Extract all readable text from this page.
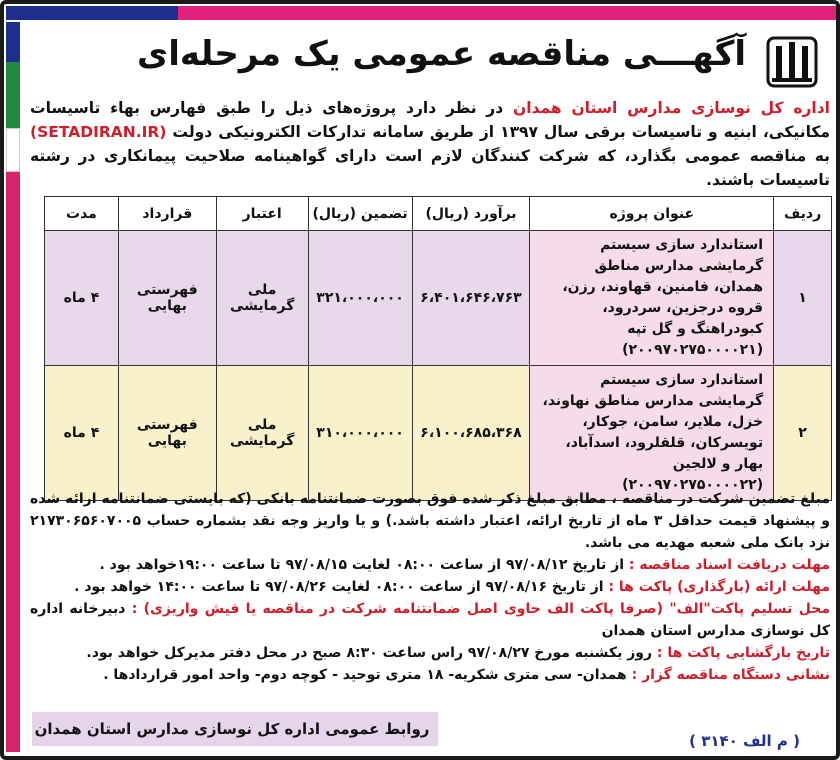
آگهـــی مناقصه عمومی یک مرحله‌ای
اداره کل نوسازی مدارس استان همدان در نظر دارد پروژه‌های ذیل را طبق فهارس بهاء تاسیسات مکانیکی، ابنیه و تاسیسات برقی سال ۱۳۹۷ از طریق سامانه تدارکات الکترونیکی دولت (SETADIRAN.IR) به مناقصه عمومی بگذارد، که شرکت کنندگان لازم است دارای گواهینامه صلاحیت پیمانکاری در رشته تاسیسات باشند.
ردیف	عنوان پروژه	برآورد (ریال)	تضمین (ریال)	اعتبار	قرارداد	مدت
۱	استاندارد سازی سیستم گرمایشی مدارس مناطق همدان، فامنین، قهاوند، رزن، قروه درجزین، سردرود، کبودراهنگ و گل تپه (۲۰۰۹۷۰۲۷۵۰۰۰۰۲۱)	۶،۴۰۱،۶۴۶،۷۶۳	۳۲۱،۰۰۰،۰۰۰	ملی گرمایشی	فهرستی بهایی	۴ ماه
۲	استاندارد سازی سیستم گرمایشی مدارس مناطق نهاوند، خزل، ملایر، سامن، جوکار، تویسرکان، قلقلرود، اسدآباد، بهار و لالجین (۲۰۰۹۷۰۲۷۵۰۰۰۰۲۲)	۶،۱۰۰،۶۸۵،۳۶۸	۳۱۰،۰۰۰،۰۰۰	ملی گرمایشی	فهرستی بهایی	۴ ماه

مبلغ تضمین شرکت در مناقصه ، مطابق مبلغ ذکر شده فوق بصورت ضمانتنامه بانکی (که بایستی ضمانتنامه ارائه شده و پیشنهاد قیمت حداقل ۳ ماه از تاریخ ارائه، اعتبار داشته باشد.) و یا واریز وجه نقد بشماره حساب ۲۱۷۳۰۶۵۶۰۷۰۰۵ نزد بانک ملی شعبه مهدیه می باشد.

مهلت دریافت اسناد مناقصه : از تاریخ ۹۷/۰۸/۱۲ از ساعت ۰۸:۰۰ لغایت ۹۷/۰۸/۱۵ تا ساعت ۱۹:۰۰خواهد بود .

مهلت ارائه (بارگذاری) پاکت ها : از تاریخ ۹۷/۰۸/۱۶ از ساعت ۰۸:۰۰ لغایت ۹۷/۰۸/۲۶ تا ساعت ۱۴:۰۰ خواهد بود .

محل تسلیم پاکت"الف" (صرفا پاکت الف حاوی اصل ضمانتنامه شرکت در مناقصه یا فیش واریزی) : دبیرخانه اداره کل نوسازی مدارس استان همدان

تاریخ بازگشایی پاکت ها : روز یکشنبه مورخ ۹۷/۰۸/۲۷ راس ساعت ۸:۳۰ صبح در محل دفتر مدیرکل خواهد بود.

نشانی دستگاه مناقصه گزار : همدان- سی متری شکریه- ۱۸ متری توحید - کوچه دوم- واحد امور قراردادها .

( م الف ۳۱۴۰ )
روابط عمومی اداره کل نوسازی مدارس استان همدان
